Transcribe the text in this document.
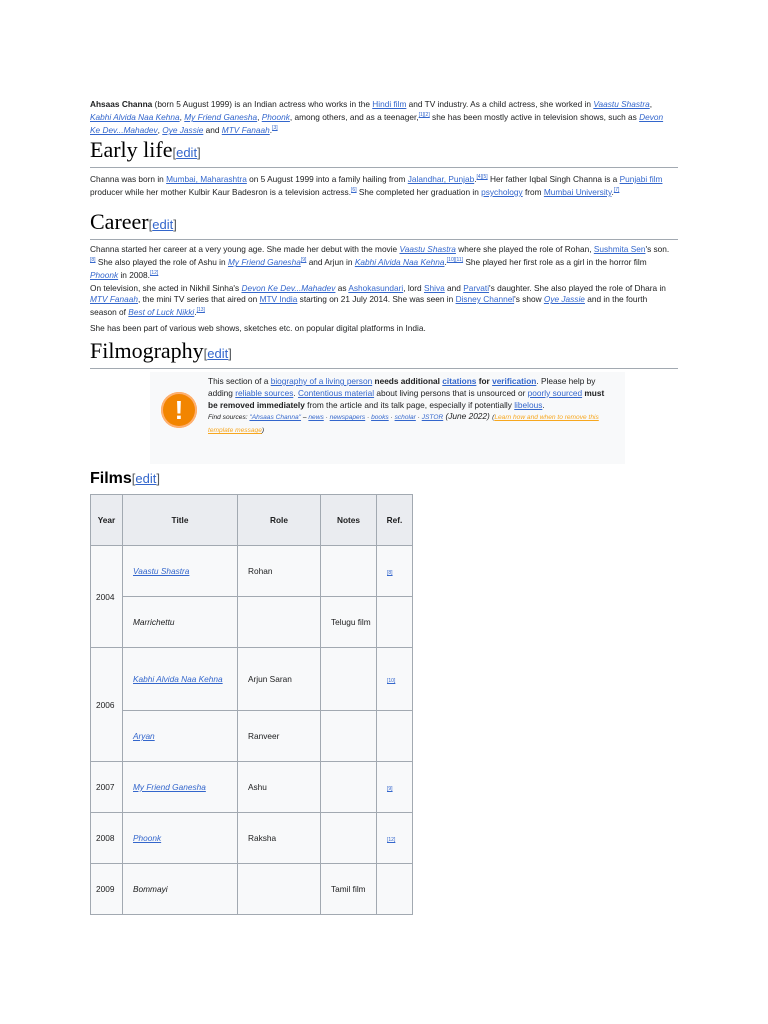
Ahsaas Channa (born 5 August 1999) is an Indian actress who works in the Hindi film and TV industry. As a child actress, she worked in Vaastu Shastra, Kabhi Alvida Naa Kehna, My Friend Ganesha, Phoonk, among others, and as a teenager,[1][2] she has been mostly active in television shows, such as Devon Ke Dev...Mahadev, Oye Jassie and MTV Fanaah.[3]

Early life[edit]

Channa was born in Mumbai, Maharashtra on 5 August 1999 into a family hailing from Jalandhar, Punjab.[4][5] Her father Iqbal Singh Channa is a Punjabi film producer while her mother Kulbir Kaur Badesron is a television actress.[6] She completed her graduation in psychology from Mumbai University.[7]

Career[edit]

Channa started her career at a very young age. She made her debut with the movie Vaastu Shastra where she played the role of Rohan, Sushmita Sen's son.[8] She also played the role of Ashu in My Friend Ganesha[9] and Arjun in Kabhi Alvida Naa Kehna.[10][11] She played her first role as a girl in the horror film Phoonk in 2008.[12]

On television, she acted in Nikhil Sinha's Devon Ke Dev...Mahadev as Ashokasundari, lord Shiva and Parvati's daughter. She also played the role of Dhara in MTV Fanaah, the mini TV series that aired on MTV India starting on 21 July 2014. She was seen in Disney Channel's show Oye Jassie and in the fourth season of Best of Luck Nikki.[13]

She has been part of various web shows, sketches etc. on popular digital platforms in India.

Filmography[edit]
!
This section of a biography of a living person needs additional citations for verification. Please help by adding reliable sources. Contentious material about living persons that is unsourced or poorly sourced must be removed immediately from the article and its talk page, especially if potentially libelous.
Find sources: "Ahsaas Channa" – news · newspapers · books · scholar · JSTOR (June 2022) (Learn how and when to remove this template message)
Films[edit]
Year	Title	Role	Notes	Ref.
2004	Vaastu Shastra	Rohan		[8]
	Marrichettu		Telugu film	
2006	Kabhi Alvida Naa Kehna	Arjun Saran		[10]
	Aryan	Ranveer		
2007	My Friend Ganesha	Ashu		[9]
2008	Phoonk	Raksha		[12]
2009	Bommayi		Tamil film	
